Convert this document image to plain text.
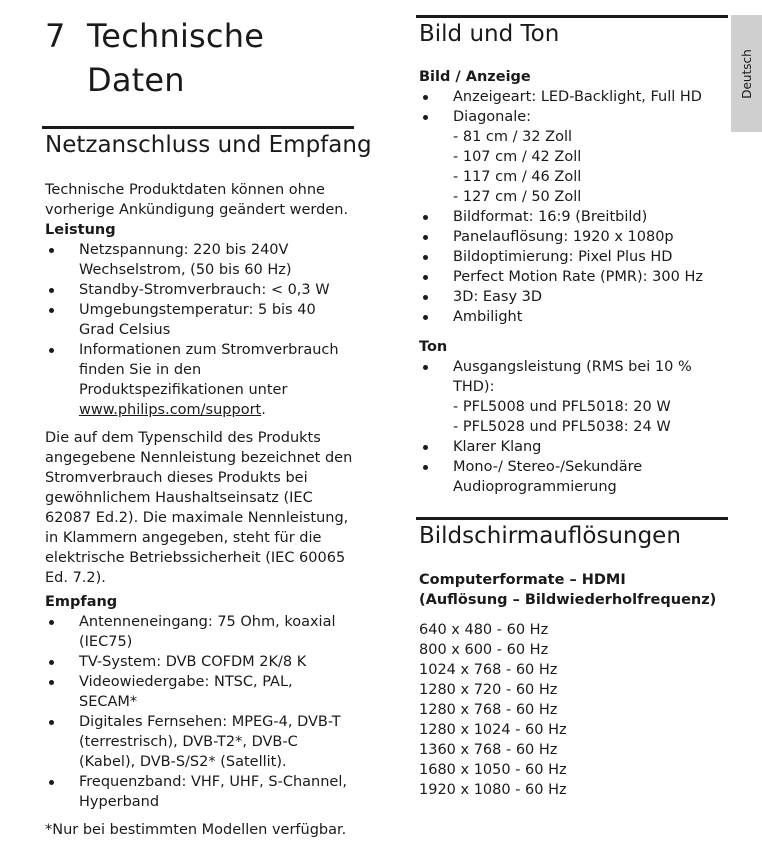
7 Technische
Daten	Deutsch
Netzanschluss und Empfang

Technische Produktdaten können ohne vorherige Ankündigung geändert werden.

Leistung
Netzspannung: 220 bis 240V Wechselstrom, (50 bis 60 Hz)
Standby-Stromverbrauch: < 0,3 W
Umgebungstemperatur: 5 bis 40 Grad Celsius
Informationen zum Stromverbrauch finden Sie in den Produktspezifikationen unter www.philips.com/support.

Die auf dem Typenschild des Produkts angegebene Nennleistung bezeichnet den Stromverbrauch dieses Produkts bei gewöhnlichem Haushaltseinsatz (IEC 62087 Ed.2). Die maximale Nennleistung, in Klammern angegeben, steht für die elektrische Betriebssicherheit (IEC 60065 Ed. 7.2).

Empfang
Antenneneingang: 75 Ohm, koaxial (IEC75)
TV-System: DVB COFDM 2K/8 K
Videowiedergabe: NTSC, PAL, SECAM*
Digitales Fernsehen: MPEG-4, DVB-T (terrestrisch), DVB-T2*, DVB-C (Kabel), DVB-S/S2* (Satellit).
Frequenzband: VHF, UHF, S-Channel, Hyperband

*Nur bei bestimmten Modellen verfügbar.

Bild und Ton
Bild / Anzeige
Anzeigeart: LED-Backlight, Full HD
Diagonale:
- 81 cm / 32 Zoll
- 107 cm / 42 Zoll
- 117 cm / 46 Zoll
- 127 cm / 50 Zoll
Bildformat: 16:9 (Breitbild)
Panelauflösung: 1920 x 1080p
Bildoptimierung: Pixel Plus HD
Perfect Motion Rate (PMR): 300 Hz
3D: Easy 3D
Ambilight
Ton
Ausgangsleistung (RMS bei 10 % THD):
- PFL5008 und PFL5018: 20 W
- PFL5028 und PFL5038: 24 W
Klarer Klang
Mono-/ Stereo-/Sekundäre Audioprogrammierung
Bildschirmauflösungen
Computerformate – HDMI
(Auflösung – Bildwiederholfrequenz)
640 x 480 - 60 Hz
800 x 600 - 60 Hz
1024 x 768 - 60 Hz
1280 x 720 - 60 Hz
1280 x 768 - 60 Hz
1280 x 1024 - 60 Hz
1360 x 768 - 60 Hz
1680 x 1050 - 60 Hz
1920 x 1080 - 60 Hz
